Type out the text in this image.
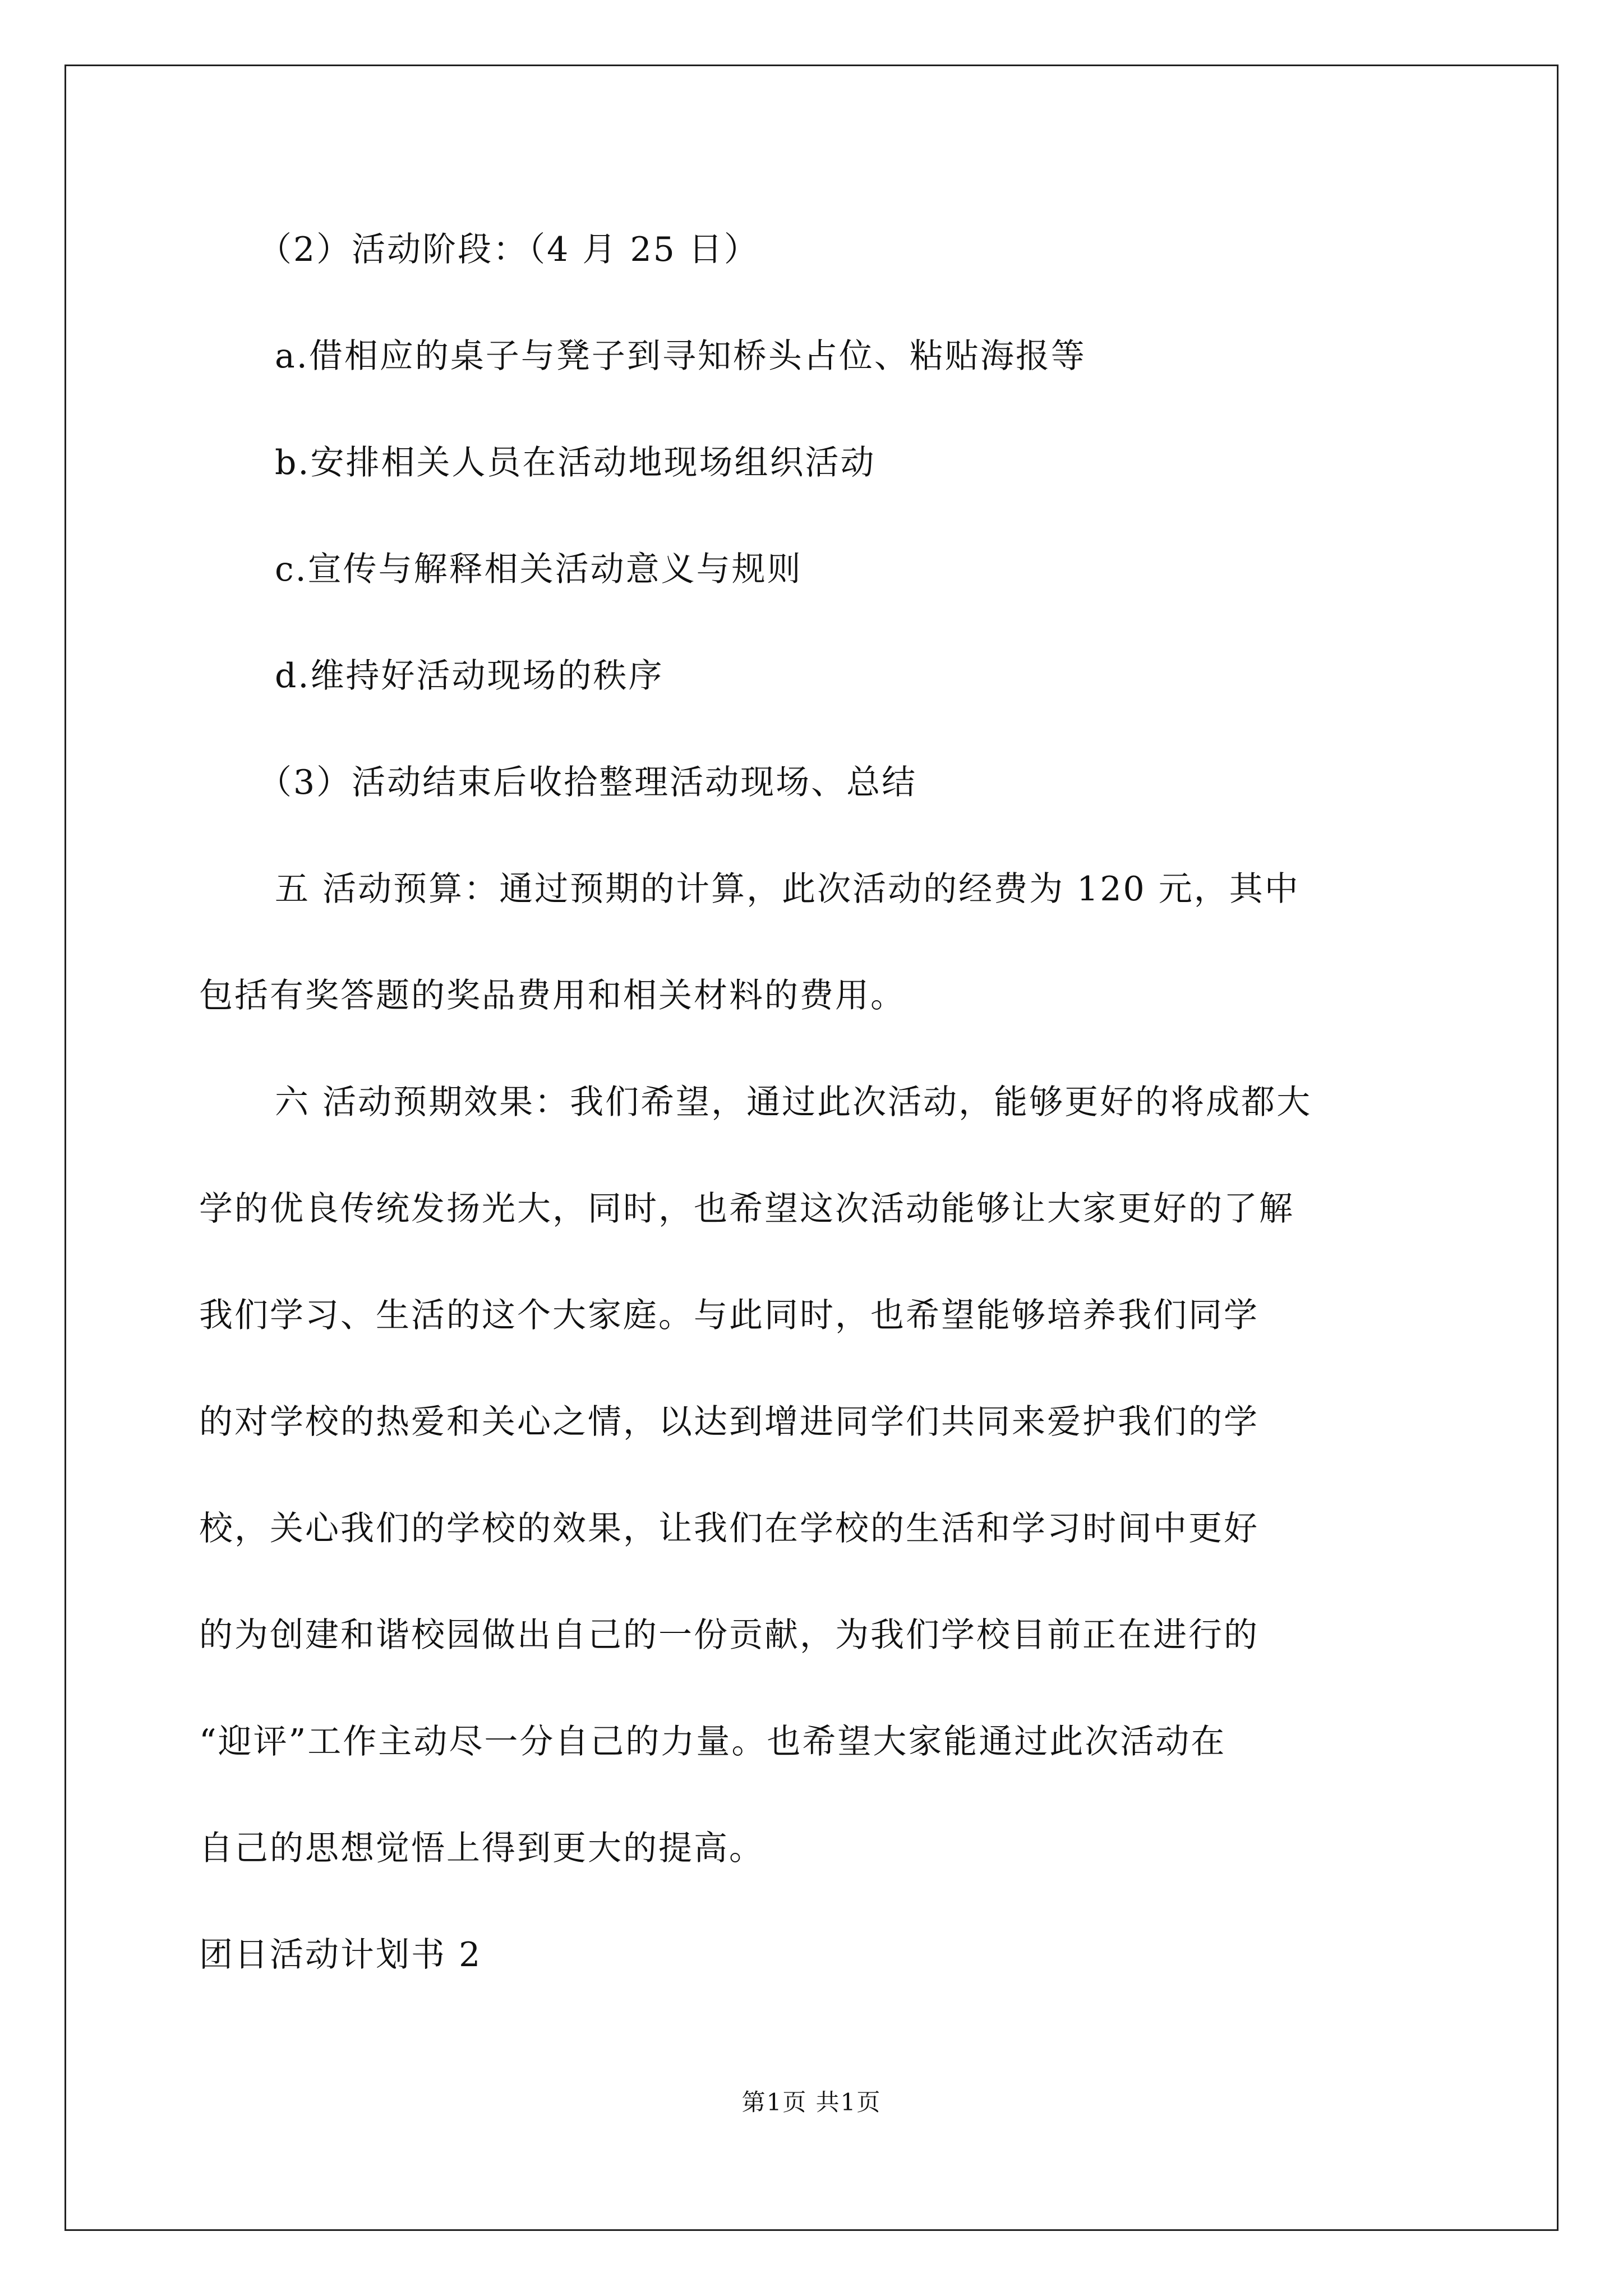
（2）活动阶段：（4 月 25 日）
a.借相应的桌子与凳子到寻知桥头占位、粘贴海报等
b.安排相关人员在活动地现场组织活动
c.宣传与解释相关活动意义与规则
d.维持好活动现场的秩序
（3）活动结束后收拾整理活动现场、总结
五 活动预算：通过预期的计算，此次活动的经费为 120 元，其中
包括有奖答题的奖品费用和相关材料的费用。
六 活动预期效果：我们希望，通过此次活动，能够更好的将成都大
学的优良传统发扬光大，同时，也希望这次活动能够让大家更好的了解
我们学习、生活的这个大家庭。与此同时，也希望能够培养我们同学
的对学校的热爱和关心之情，以达到增进同学们共同来爱护我们的学
校，关心我们的学校的效果，让我们在学校的生活和学习时间中更好
的为创建和谐校园做出自己的一份贡献，为我们学校目前正在进行的
“迎评”工作主动尽一分自己的力量。也希望大家能通过此次活动在
自己的思想觉悟上得到更大的提高。
团日活动计划书 2
第1页 共1页
